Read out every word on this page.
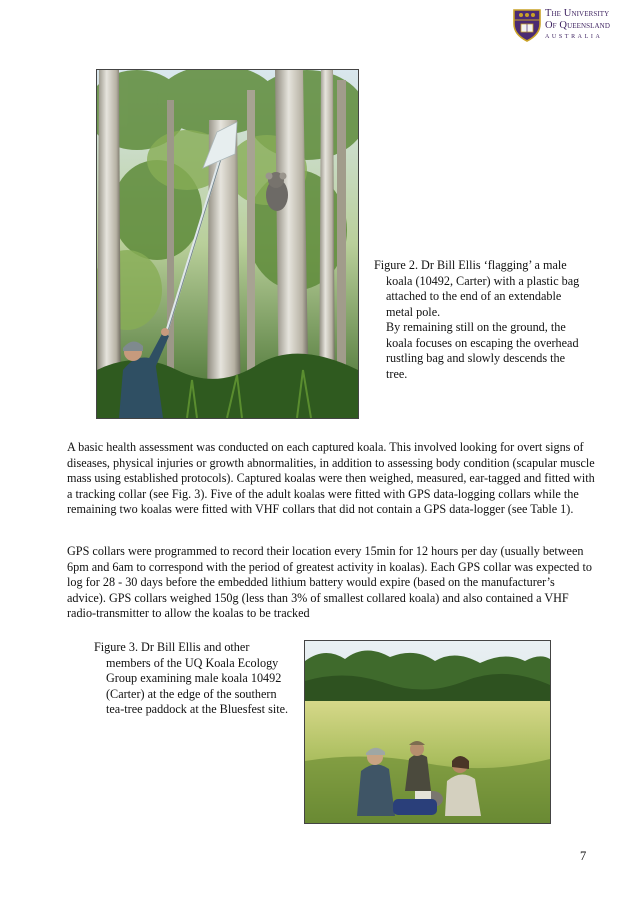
The University
Of Queensland
AUSTRALIA

Figure 2. Dr Bill Ellis ‘flagging’ a male koala (10492, Carter) with a plastic bag attached to the end of an extendable metal pole.

By remaining still on the ground, the koala focuses on escaping the overhead rustling bag and slowly descends the tree.

A basic health assessment was conducted on each captured koala. This involved looking for overt signs of diseases, physical injuries or growth abnormalities, in addition to assessing body condition (scapular muscle mass using established protocols). Captured koalas were then weighed, measured, ear-tagged and fitted with a tracking collar (see Fig. 3). Five of the adult koalas were fitted with GPS data-logging collars while the remaining two koalas were fitted with VHF collars that did not contain a GPS data-logger (see Table 1).

GPS collars were programmed to record their location every 15min for 12 hours per day (usually between 6pm and 6am to correspond with the period of greatest activity in koalas). Each GPS collar was expected to log for 28 - 30 days before the embedded lithium battery would expire (based on the manufacturer’s advice). GPS collars weighed 150g (less than 3% of smallest collared koala) and also contained a VHF radio-transmitter to allow the koalas to be tracked

Figure 3. Dr Bill Ellis and other members of the UQ Koala Ecology Group examining male koala 10492 (Carter) at the edge of the southern tea-tree paddock at the Bluesfest site.
7
